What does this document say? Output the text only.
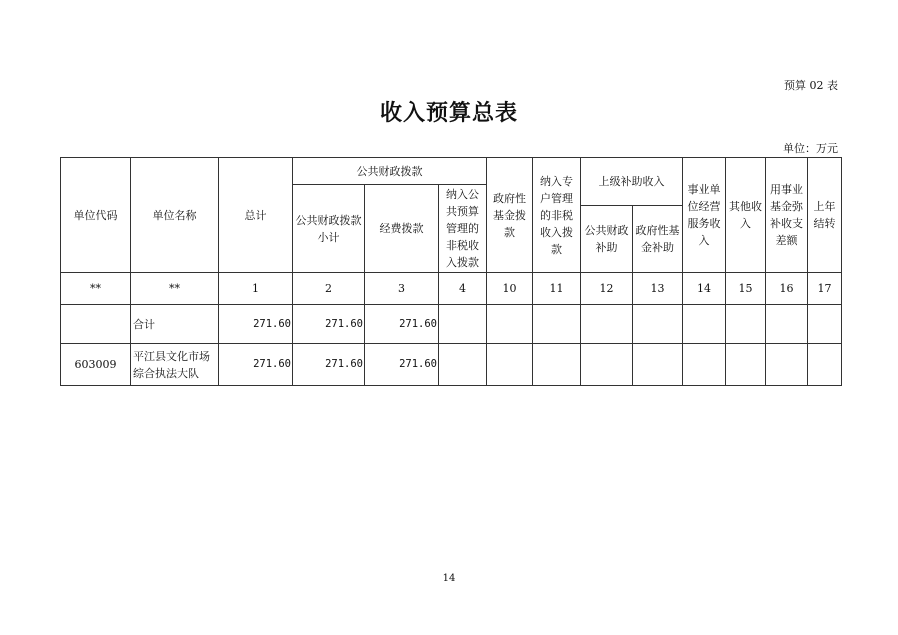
预算 02 表
收入预算总表
单位：万元
单位代码	单位名称	总计	公共财政拨款			政府性基金拨款	纳入专户管理的非税收入拨款	上级补助收入		事业单位经营服务收入	其他收入	用事业基金弥补收支差额	上年结转
			公共财政拨款小计	经费拨款	纳入公共预算管理的非税收入拨款								
								公共财政补助	政府性基金补助				
**	**	1	2	3	4	10	11	12	13	14	15	16	17
	合计	271.60	271.60	271.60									
603009	平江县文化市场综合执法大队	271.60	271.60	271.60									
14
